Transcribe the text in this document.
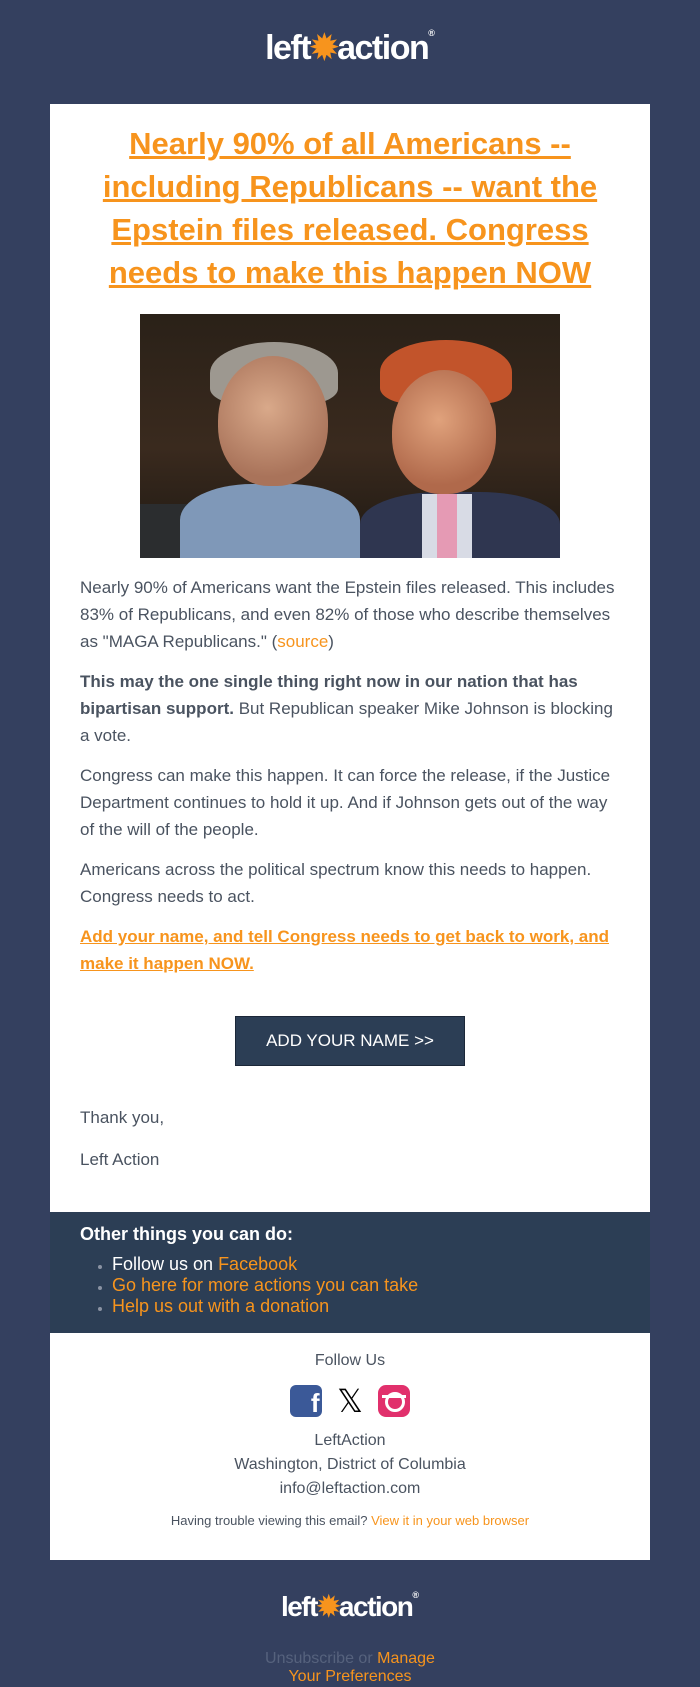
left✹action®
Nearly 90% of all Americans -- including Republicans -- want the Epstein files released. Congress needs to make this happen NOW

Nearly 90% of Americans want the Epstein files released. This includes 83% of Republicans, and even 82% of those who describe themselves as "MAGA Republicans." (source)

This may the one single thing right now in our nation that has bipartisan support. But Republican speaker Mike Johnson is blocking a vote.

Congress can make this happen. It can force the release, if the Justice Department continues to hold it up. And if Johnson gets out of the way of the will of the people.

Americans across the political spectrum know this needs to happen. Congress needs to act.

Add your name, and tell Congress needs to get back to work, and make it happen NOW.

ADD YOUR NAME >>

Thank you,

Left Action

Other things you can do:
• Follow us on Facebook
• Go here for more actions you can take
• Help us out with a donation
Follow Us
f 𝕏
LeftAction
Washington, District of Columbia
info@leftaction.com
Having trouble viewing this email? View it in your web browser
left✹action®
Unsubscribe or Manage
Your Preferences
